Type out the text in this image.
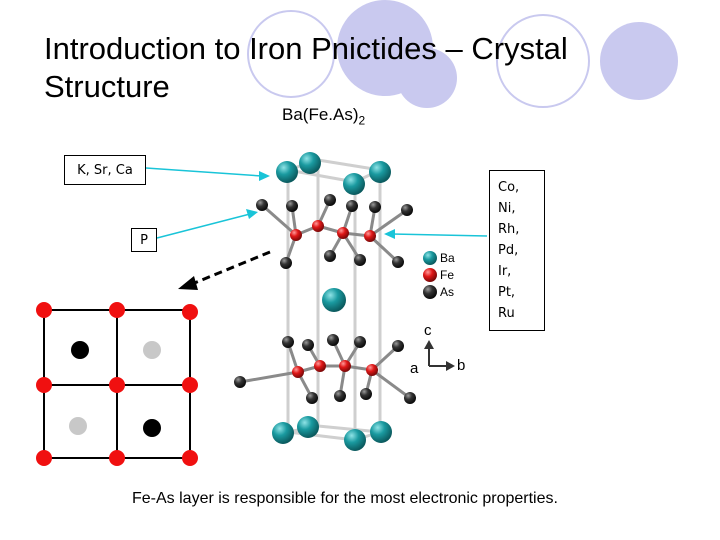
Introduction to Iron Pnictides – Crystal Structure
$Ba(Fe.As)_2$
Ba
Fe
As
c
a	b
K, Sr, Ca
P
Co,
Ni,
Rh,
Pd,
Ir,
Pt,
Ru
Fe-As layer is responsible for the most electronic properties.
